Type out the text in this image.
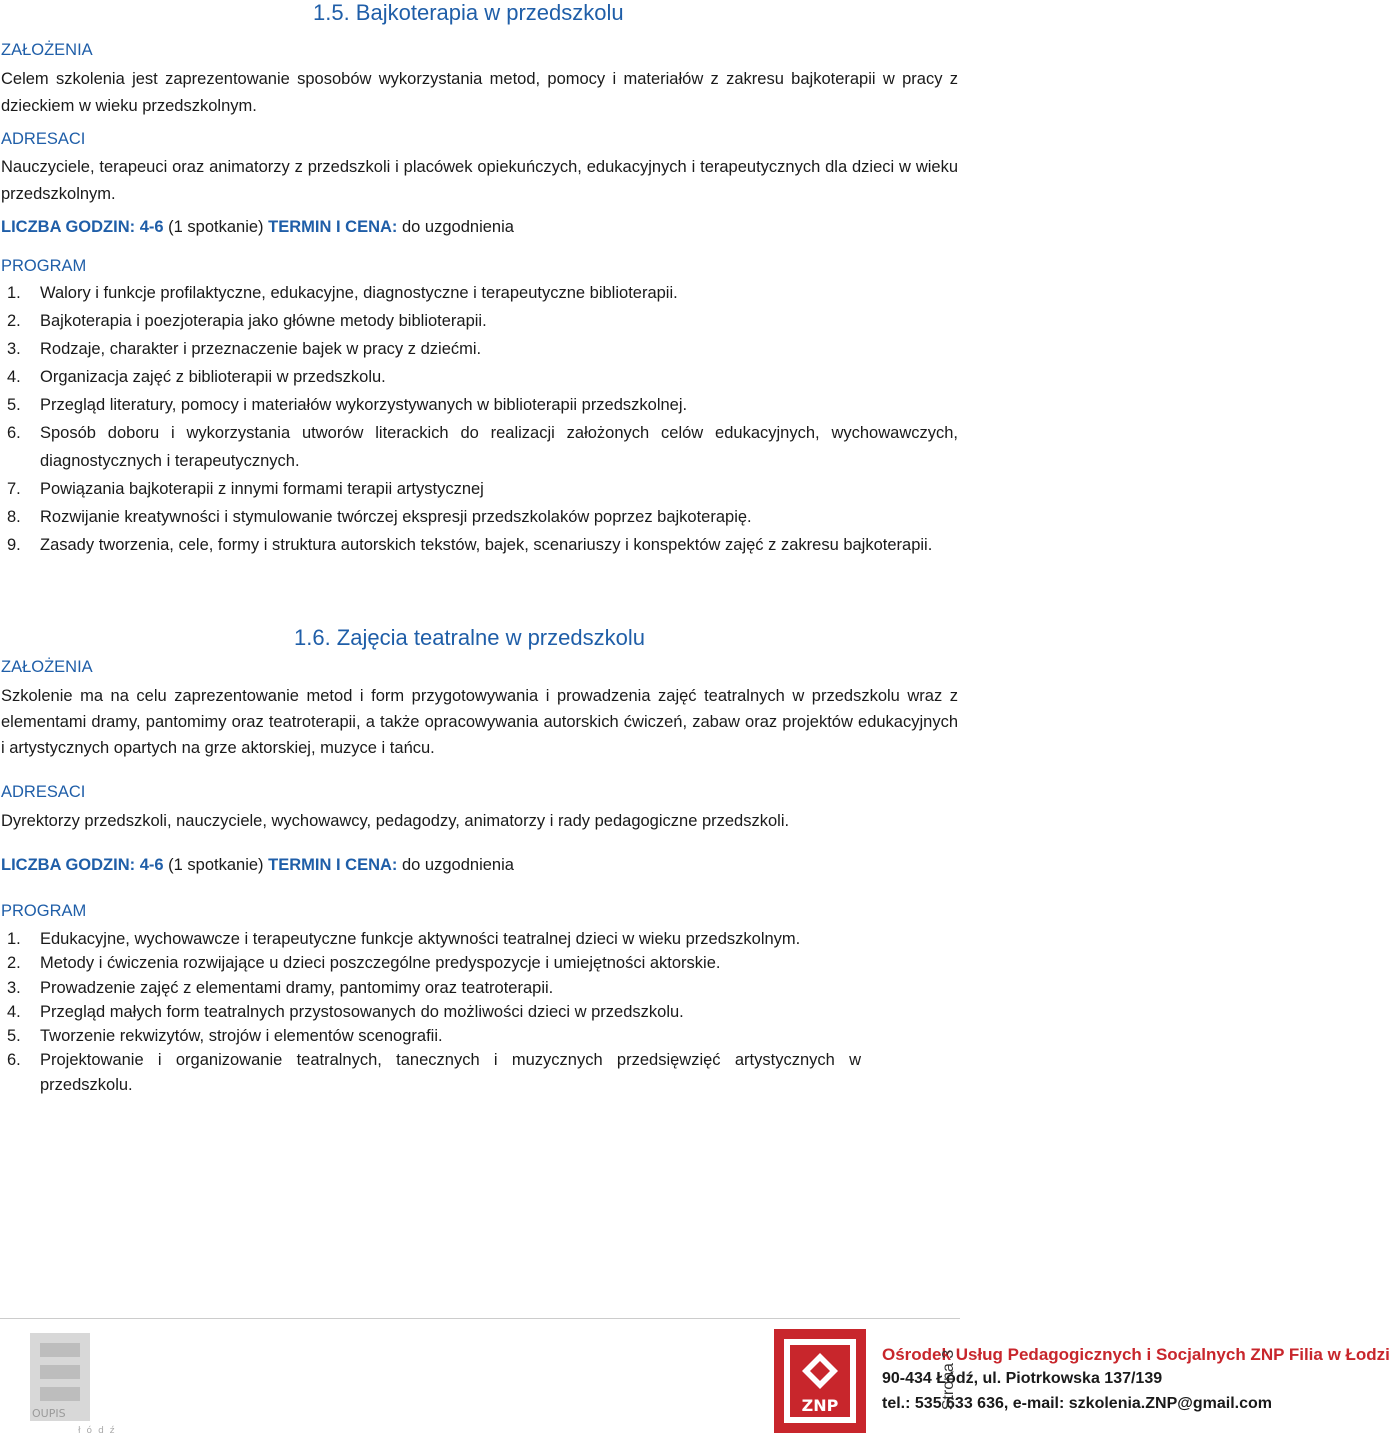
1.5. Bajkoterapia w przedszkolu
ZAŁOŻENIA
Celem szkolenia jest zaprezentowanie sposobów wykorzystania metod, pomocy i materiałów z zakresu bajkoterapii w pracy z dzieckiem w wieku przedszkolnym.
ADRESACI
Nauczyciele, terapeuci oraz animatorzy z przedszkoli i placówek opiekuńczych, edukacyjnych i terapeutycznych dla dzieci w wieku przedszkolnym.
LICZBA GODZIN: 4-6 (1 spotkanie) TERMIN I CENA: do uzgodnienia
PROGRAM
1. Walory i funkcje profilaktyczne, edukacyjne, diagnostyczne i terapeutyczne biblioterapii.
2. Bajkoterapia i poezjoterapia jako główne metody biblioterapii.
3. Rodzaje, charakter i przeznaczenie bajek w pracy z dziećmi.
4. Organizacja zajęć z biblioterapii w przedszkolu.
5. Przegląd literatury, pomocy i materiałów wykorzystywanych w biblioterapii przedszkolnej.
6. Sposób doboru i wykorzystania utworów literackich do realizacji założonych celów edukacyjnych, wychowawczych, diagnostycznych i terapeutycznych.
7. Powiązania bajkoterapii z innymi formami terapii artystycznej
8. Rozwijanie kreatywności i stymulowanie twórczej ekspresji przedszkolaków poprzez bajkoterapię.
9. Zasady tworzenia, cele, formy i struktura autorskich tekstów, bajek, scenariuszy i konspektów zajęć z zakresu bajkoterapii.
1.6. Zajęcia teatralne w przedszkolu
ZAŁOŻENIA
Szkolenie ma na celu zaprezentowanie metod i form przygotowywania i prowadzenia zajęć teatralnych w przedszkolu wraz z elementami dramy, pantomimy oraz teatroterapii, a także opracowywania autorskich ćwiczeń, zabaw oraz projektów edukacyjnych i artystycznych opartych na grze aktorskiej, muzyce i tańcu.
ADRESACI
Dyrektorzy przedszkoli, nauczyciele, wychowawcy, pedagodzy, animatorzy i rady pedagogiczne przedszkoli.
LICZBA GODZIN: 4-6 (1 spotkanie) TERMIN I CENA: do uzgodnienia
PROGRAM
1. Edukacyjne, wychowawcze i terapeutyczne funkcje aktywności teatralnej dzieci w wieku przedszkolnym.
2. Metody i ćwiczenia rozwijające u dzieci poszczególne predyspozycje i umiejętności aktorskie.
3. Prowadzenie zajęć z elementami dramy, pantomimy oraz teatroterapii.
4. Przegląd małych form teatralnych przystosowanych do możliwości dzieci w przedszkolu.
5. Tworzenie rekwizytów, strojów i elementów scenografii.
6. Projektowanie i organizowanie teatralnych, tanecznych i muzycznych przedsięwzięć artystycznych w przedszkolu.
OUPIS
łódź
Ośrodek Usług Pedagogicznych i Socjalnych ZNP Filia w Łodzi
90-434 Łódź, ul. Piotrkowska 137/139
tel.: 535 633 636, e-mail: szkolenia.ZNP@gmail.com
ZNP	Strona 3
